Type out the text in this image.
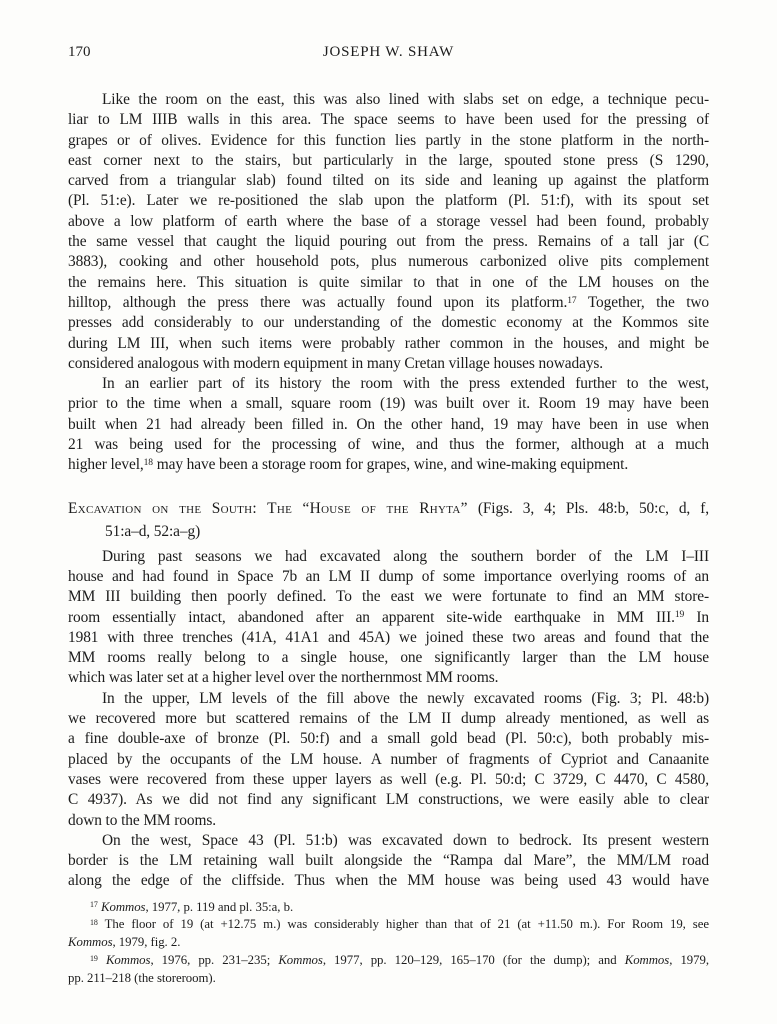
170	JOSEPH W. SHAW
Like the room on the east, this was also lined with slabs set on edge, a technique pecu-
liar to LM IIIB walls in this area. The space seems to have been used for the pressing of
grapes or of olives. Evidence for this function lies partly in the stone platform in the north-
east corner next to the stairs, but particularly in the large, spouted stone press (S 1290,
carved from a triangular slab) found tilted on its side and leaning up against the platform
(Pl. 51:e). Later we re-positioned the slab upon the platform (Pl. 51:f), with its spout set
above a low platform of earth where the base of a storage vessel had been found, probably
the same vessel that caught the liquid pouring out from the press. Remains of a tall jar (C
3883), cooking and other household pots, plus numerous carbonized olive pits complement
the remains here. This situation is quite similar to that in one of the LM houses on the
hilltop, although the press there was actually found upon its platform.$^{17}$ Together, the two
presses add considerably to our understanding of the domestic economy at the Kommos site
during LM III, when such items were probably rather common in the houses, and might be
considered analogous with modern equipment in many Cretan village houses nowadays.
In an earlier part of its history the room with the press extended further to the west,
prior to the time when a small, square room (19) was built over it. Room 19 may have been
built when 21 had already been filled in. On the other hand, 19 may have been in use when
21 was being used for the processing of wine, and thus the former, although at a much
higher level,$^{18}$ may have been a storage room for grapes, wine, and wine-making equipment.
Excavation on the South: The “House of the Rhyta” (Figs. 3, 4; Pls. 48:b, 50:c, d, f,
51:a–d, 52:a–g)
During past seasons we had excavated along the southern border of the LM I–III
house and had found in Space 7b an LM II dump of some importance overlying rooms of an
MM III building then poorly defined. To the east we were fortunate to find an MM store-
room essentially intact, abandoned after an apparent site-wide earthquake in MM III.$^{19}$ In
1981 with three trenches (41A, 41A1 and 45A) we joined these two areas and found that the
MM rooms really belong to a single house, one significantly larger than the LM house
which was later set at a higher level over the northernmost MM rooms.
In the upper, LM levels of the fill above the newly excavated rooms (Fig. 3; Pl. 48:b)
we recovered more but scattered remains of the LM II dump already mentioned, as well as
a fine double-axe of bronze (Pl. 50:f) and a small gold bead (Pl. 50:c), both probably mis-
placed by the occupants of the LM house. A number of fragments of Cypriot and Canaanite
vases were recovered from these upper layers as well (e.g. Pl. 50:d; C 3729, C 4470, C 4580,
C 4937). As we did not find any significant LM constructions, we were easily able to clear
down to the MM rooms.
On the west, Space 43 (Pl. 51:b) was excavated down to bedrock. Its present western
border is the LM retaining wall built alongside the “Rampa dal Mare”, the MM/LM road
along the edge of the cliffside. Thus when the MM house was being used 43 would have
$^{17}$ Kommos, 1977, p. 119 and pl. 35:a, b.
$^{18}$ The floor of 19 (at +12.75 m.) was considerably higher than that of 21 (at +11.50 m.). For Room 19, see
Kommos, 1979, fig. 2.
$^{19}$ Kommos, 1976, pp. 231–235; Kommos, 1977, pp. 120–129, 165–170 (for the dump); and Kommos, 1979,
pp. 211–218 (the storeroom).
